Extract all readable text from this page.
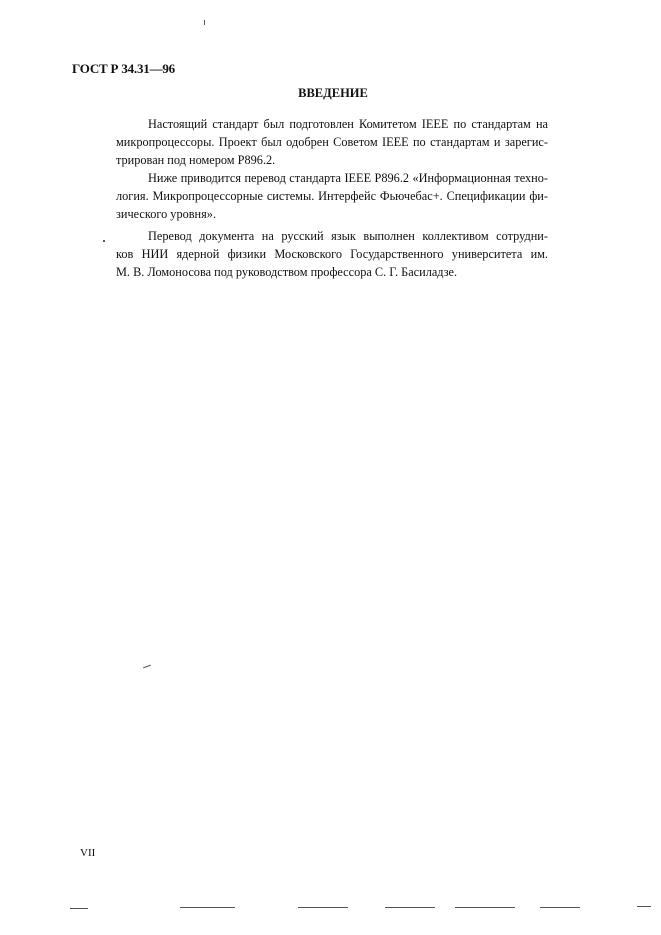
ГОСТ Р 34.31—96
ВВЕДЕНИЕ
Настоящий стандарт был подготовлен Комитетом IEEE по стандартам на
микропроцессоры. Проект был одобрен Советом IEEE по стандартам и зарегис-
трирован под номером Р896.2.
Ниже приводится перевод стандарта IEEE Р896.2 «Информационная техно-
логия. Микропроцессорные системы. Интерфейс Фьючебас+. Спецификации фи-
зического уровня».
Перевод документа на русский язык выполнен коллективом сотрудни-
ков НИИ ядерной физики Московского Государственного университета им.
М. В. Ломоносова под руководством профессора С. Г. Басиладзе.
VII
